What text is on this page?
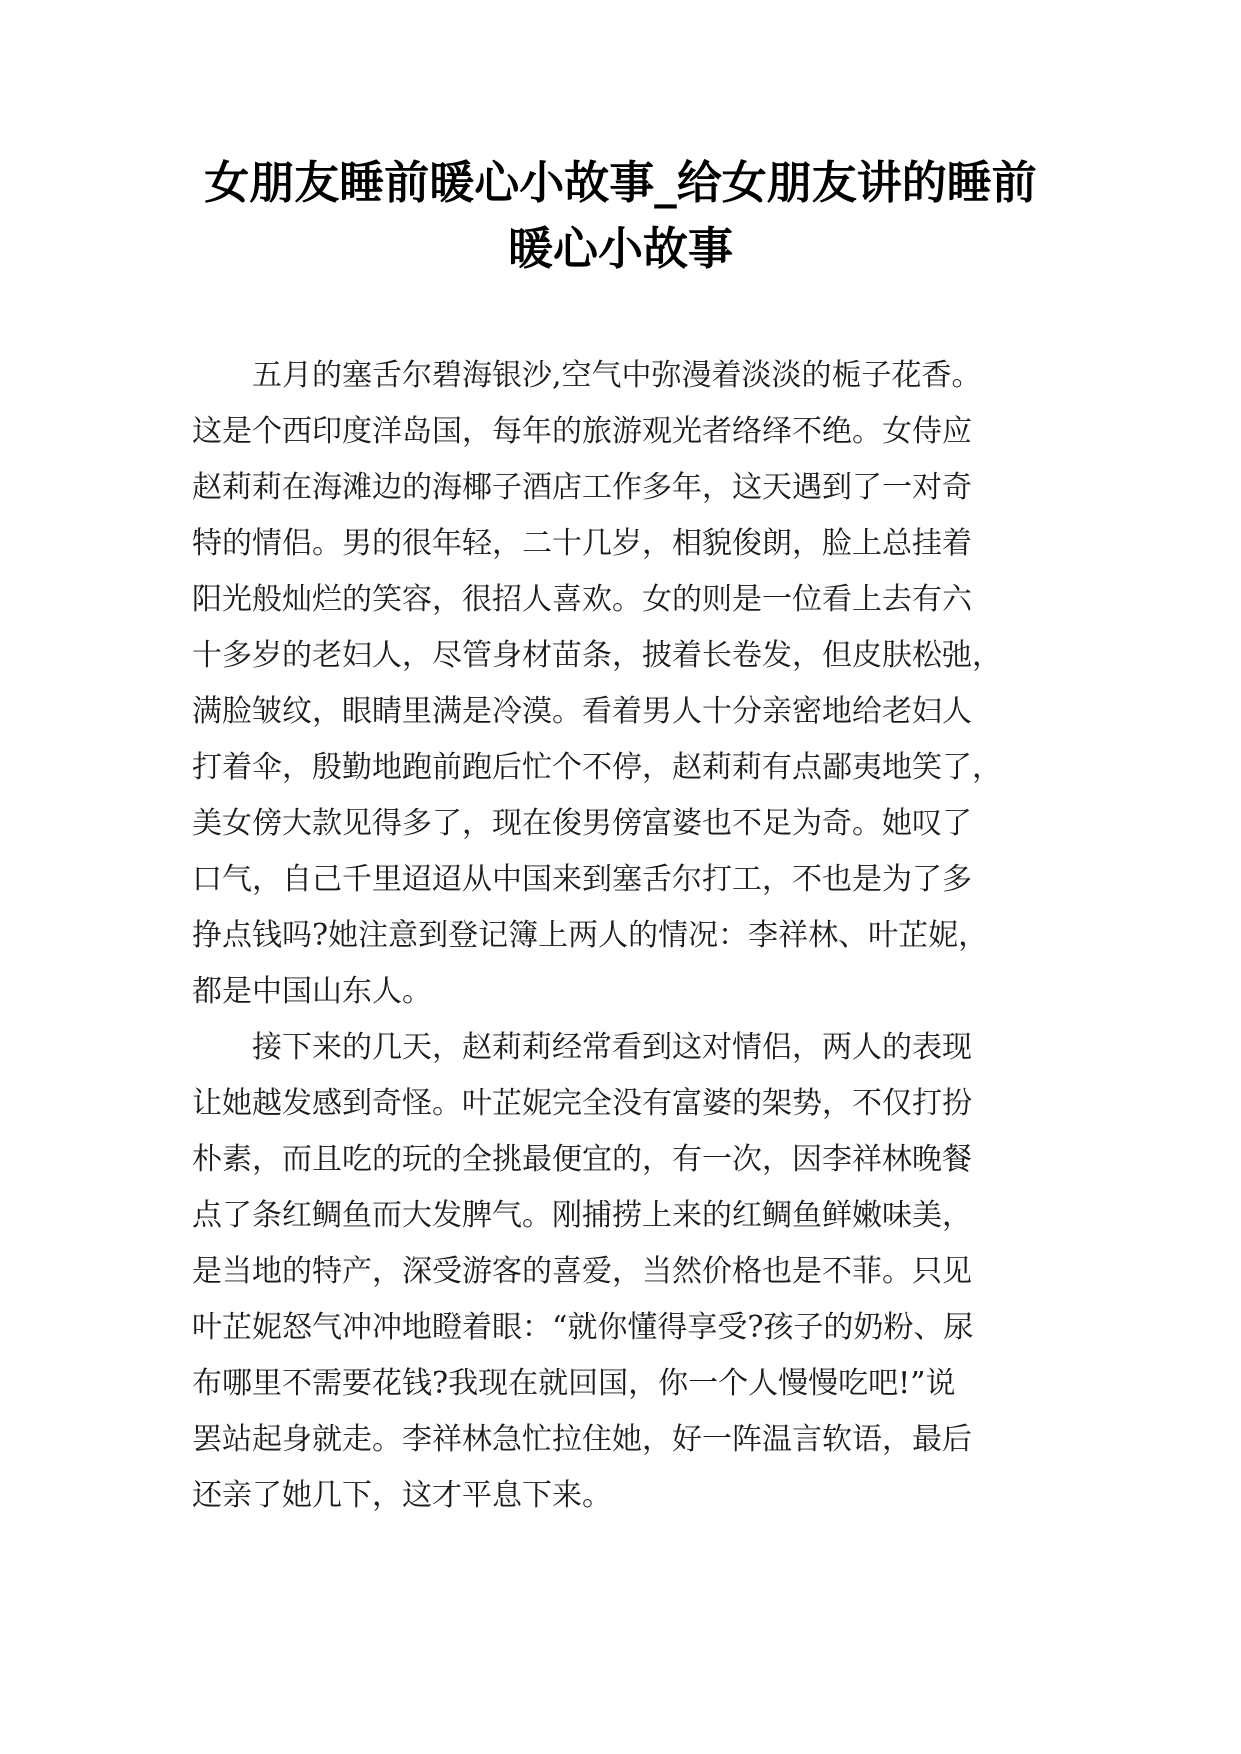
女朋友睡前暖心小故事_给女朋友讲的睡前
暖心小故事
五月的塞舌尔碧海银沙,空气中弥漫着淡淡的栀子花香。
这是个西印度洋岛国，每年的旅游观光者络绎不绝。女侍应
赵莉莉在海滩边的海椰子酒店工作多年，这天遇到了一对奇
特的情侣。男的很年轻，二十几岁，相貌俊朗，脸上总挂着
阳光般灿烂的笑容，很招人喜欢。女的则是一位看上去有六
十多岁的老妇人，尽管身材苗条，披着长卷发，但皮肤松弛，
满脸皱纹，眼睛里满是冷漠。看着男人十分亲密地给老妇人
打着伞，殷勤地跑前跑后忙个不停，赵莉莉有点鄙夷地笑了，
美女傍大款见得多了，现在俊男傍富婆也不足为奇。她叹了
口气，自己千里迢迢从中国来到塞舌尔打工，不也是为了多
挣点钱吗?她注意到登记簿上两人的情况：李祥林、叶芷妮，
都是中国山东人。
接下来的几天，赵莉莉经常看到这对情侣，两人的表现
让她越发感到奇怪。叶芷妮完全没有富婆的架势，不仅打扮
朴素，而且吃的玩的全挑最便宜的，有一次，因李祥林晚餐
点了条红鲷鱼而大发脾气。刚捕捞上来的红鲷鱼鲜嫩味美，
是当地的特产，深受游客的喜爱，当然价格也是不菲。只见
叶芷妮怒气冲冲地瞪着眼：“就你懂得享受?孩子的奶粉、尿
布哪里不需要花钱?我现在就回国，你一个人慢慢吃吧!”说
罢站起身就走。李祥林急忙拉住她，好一阵温言软语，最后
还亲了她几下，这才平息下来。
